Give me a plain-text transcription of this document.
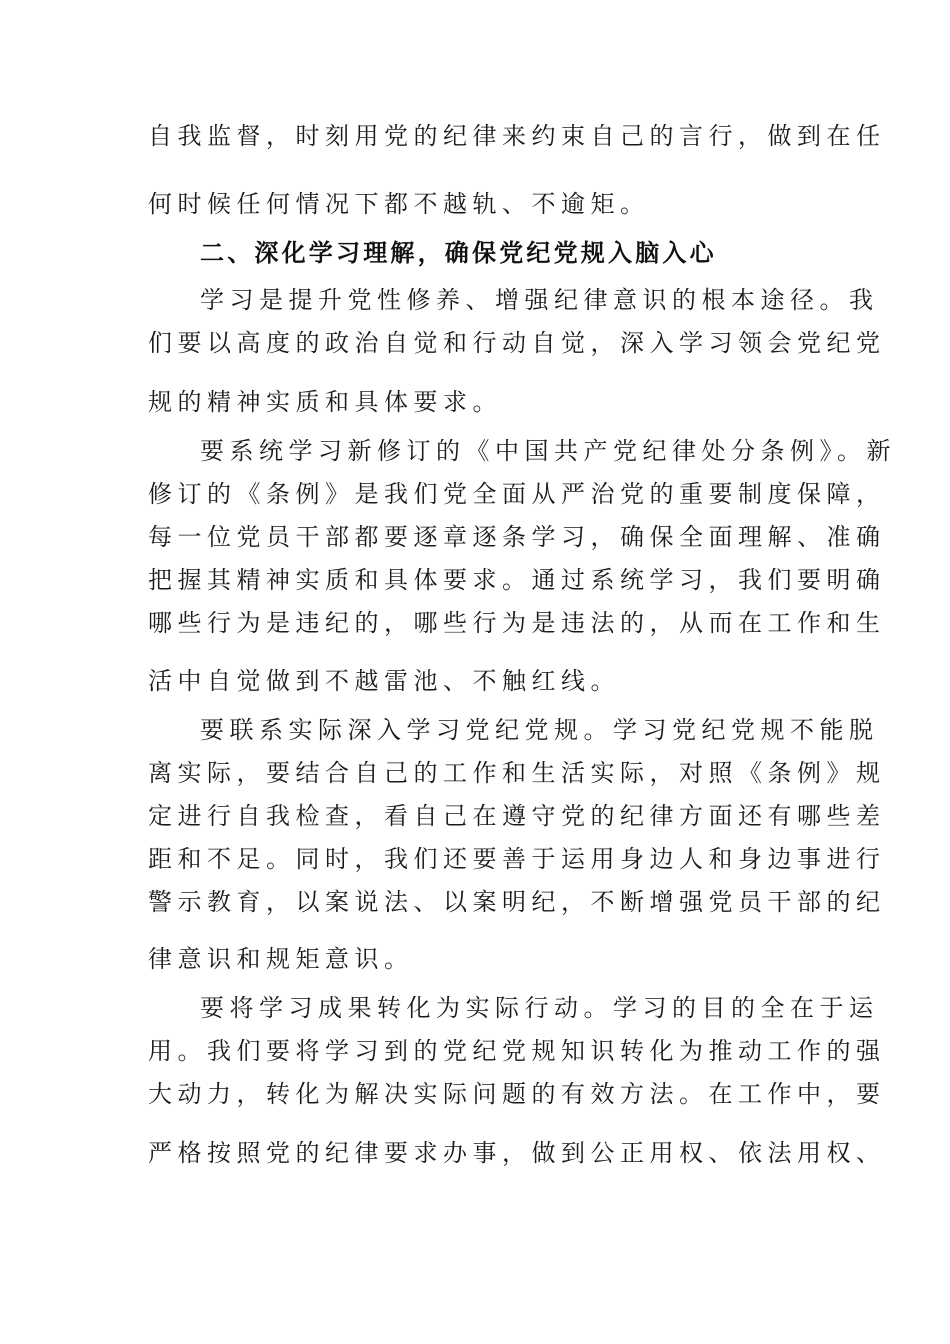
自我监督，时刻用党的纪律来约束自己的言行，做到在任

何时候任何情况下都不越轨、不逾矩。

二、深化学习理解，确保党纪党规入脑入心

学习是提升党性修养、增强纪律意识的根本途径。我

们要以高度的政治自觉和行动自觉，深入学习领会党纪党

规的精神实质和具体要求。

要系统学习新修订的《中国共产党纪律处分条例》。新

修订的《条例》是我们党全面从严治党的重要制度保障，

每一位党员干部都要逐章逐条学习，确保全面理解、准确

把握其精神实质和具体要求。通过系统学习，我们要明确

哪些行为是违纪的，哪些行为是违法的，从而在工作和生

活中自觉做到不越雷池、不触红线。

要联系实际深入学习党纪党规。学习党纪党规不能脱

离实际，要结合自己的工作和生活实际，对照《条例》规

定进行自我检查，看自己在遵守党的纪律方面还有哪些差

距和不足。同时，我们还要善于运用身边人和身边事进行

警示教育，以案说法、以案明纪，不断增强党员干部的纪

律意识和规矩意识。

要将学习成果转化为实际行动。学习的目的全在于运

用。我们要将学习到的党纪党规知识转化为推动工作的强

大动力，转化为解决实际问题的有效方法。在工作中，要

严格按照党的纪律要求办事，做到公正用权、依法用权、
